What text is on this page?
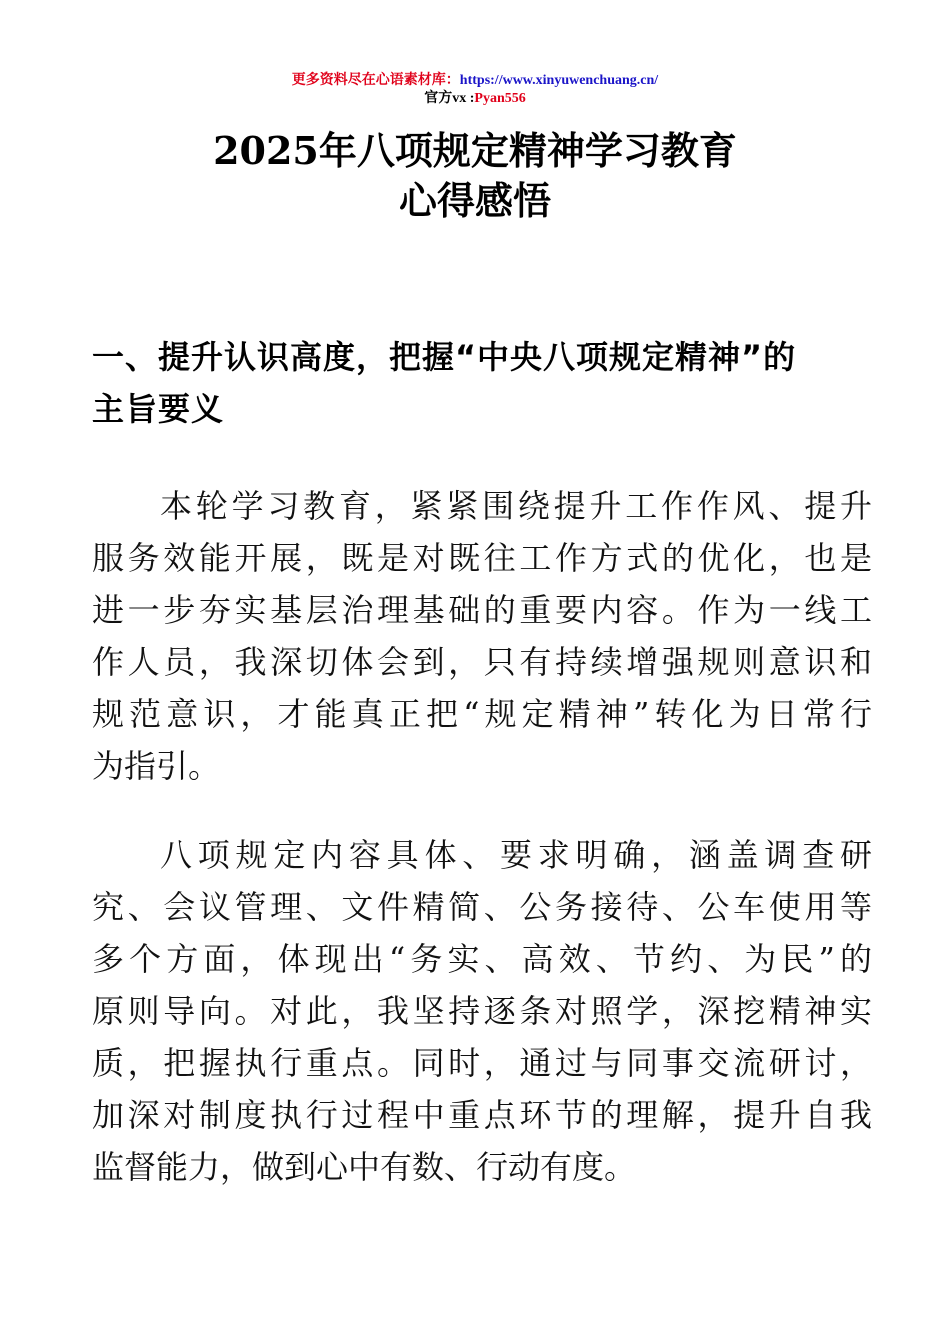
更多资料尽在心语素材库：https://www.xinyuwenchuang.cn/
官方vx :Pyan556
2025年八项规定精神学习教育
心得感悟
一、提升认识高度，把握“中央八项规定精神”的
主旨要义
本轮学习教育，紧紧围绕提升工作作风、提升
服务效能开展，既是对既往工作方式的优化，也是
进一步夯实基层治理基础的重要内容。作为一线工
作人员，我深切体会到，只有持续增强规则意识和
规范意识，才能真正把“规定精神”转化为日常行
为指引。
八项规定内容具体、要求明确，涵盖调查研
究、会议管理、文件精简、公务接待、公车使用等
多个方面，体现出“务实、高效、节约、为民”的
原则导向。对此，我坚持逐条对照学，深挖精神实
质，把握执行重点。同时，通过与同事交流研讨，
加深对制度执行过程中重点环节的理解，提升自我
监督能力，做到心中有数、行动有度。
